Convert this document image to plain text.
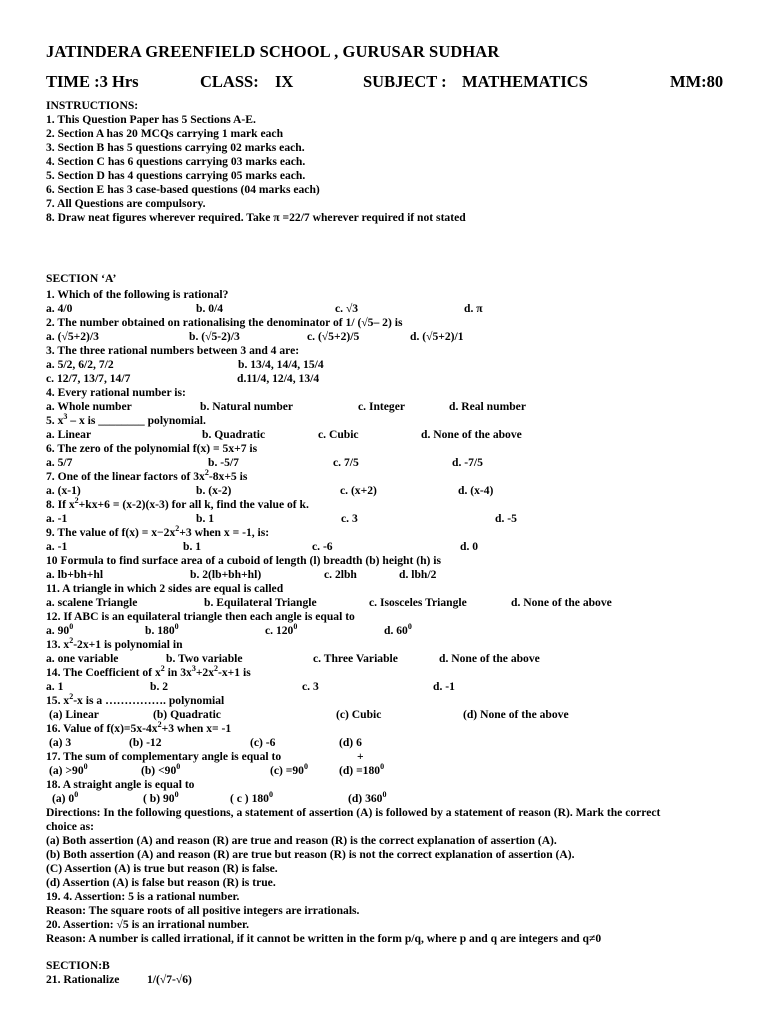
JATINDERA GREENFIELD SCHOOL , GURUSAR SUDHAR
TIME :3 Hrs	CLASS: IX	SUBJECT : MATHEMATICS	MM:80
INSTRUCTIONS:
1. This Question Paper has 5 Sections A-E.
2. Section A has 20 MCQs carrying 1 mark each
3. Section B has 5 questions carrying 02 marks each.
4. Section C has 6 questions carrying 03 marks each.
5. Section D has 4 questions carrying 05 marks each.
6. Section E has 3 case-based questions (04 marks each)
7. All Questions are compulsory.
8. Draw neat figures wherever required. Take π =22/7 wherever required if not stated
SECTION ‘A’
1. Which of the following is rational?
a. 4/0	b. 0/4	c. √3	d. π
2. The number obtained on rationalising the denominator of 1/ (√5– 2) is
a. (√5+2)/3	b. (√5-2)/3	c. (√5+2)/5	d. (√5+2)/1
3. The three rational numbers between 3 and 4 are:
a. 5/2, 6/2, 7/2	b. 13/4, 14/4, 15/4
c. 12/7, 13/7, 14/7	d.11/4, 12/4, 13/4
4. Every rational number is:
a. Whole number	b. Natural number	c. Integer	d. Real number
5. $x^3$ – x is ________ polynomial.
a. Linear	b. Quadratic	c. Cubic	d. None of the above
6. The zero of the polynomial f(x) = 5x+7 is
a. 5/7	b. -5/7	c. 7/5	d. -7/5
7. One of the linear factors of $3x^2-8x+5$ is
a. (x-1)	b. (x-2)	c. (x+2)	d. (x-4)
8. If $x^2+kx+6 = (x-2)(x-3)$ for all k, find the value of k.
a. -1	b. 1	c. 3	d. -5
9. The value of $f(x) = x-2x^2+3$ when x = -1, is:
a. -1	b. 1	c. -6	d. 0
10 Formula to find surface area of a cuboid of length (l) breadth (b) height (h) is
a. lb+bh+hl	b. 2(lb+bh+hl)	c. 2lbh	d. lbh/2
11. A triangle in which 2 sides are equal is called
a. scalene Triangle	b. Equilateral Triangle	c. Isosceles Triangle	d. None of the above
12. If ABC is an equilateral triangle then each angle is equal to
a. $90^0$	b. $180^0$	c. $120^0$	d. $60^0$
13. $x^2-2x+1$ is polynomial in
a. one variable	b. Two variable	c. Three Variable	d. None of the above
14. The Coefficient of $x^2$ in $3x^3+2x^2-x+1$ is
a. 1	b. 2	c. 3	d. -1
15. $x^2-x$ is a ……………. polynomial
(a) Linear	(b) Quadratic	(c) Cubic	(d) None of the above
16. Value of $f(x)=5x-4x^2+3$ when x= -1
(a) 3	(b) -12	(c) -6	(d) 6
17. The sum of complementary angle is equal to	+
$(a) >90^0$	$(b) <90^0$	$(c) =90^0$	$(d) =180^0$
18. A straight angle is equal to
(a) $0^0$	( b) $90^0$	( c ) $180^0$	(d) $360^0$
Directions: In the following questions, a statement of assertion (A) is followed by a statement of reason (R). Mark the correct
choice as:
(a) Both assertion (A) and reason (R) are true and reason (R) is the correct explanation of assertion (A).
(b) Both assertion (A) and reason (R) are true but reason (R) is not the correct explanation of assertion (A).
(C) Assertion (A) is true but reason (R) is false.
(d) Assertion (A) is false but reason (R) is true.
19. 4. Assertion: 5 is a rational number.
Reason: The square roots of all positive integers are irrationals.
20. Assertion: √5 is an irrational number.
Reason: A number is called irrational, if it cannot be written in the form p/q, where p and q are integers and q≠0
SECTION:B
21. Rationalize 1/(√7-√6)
